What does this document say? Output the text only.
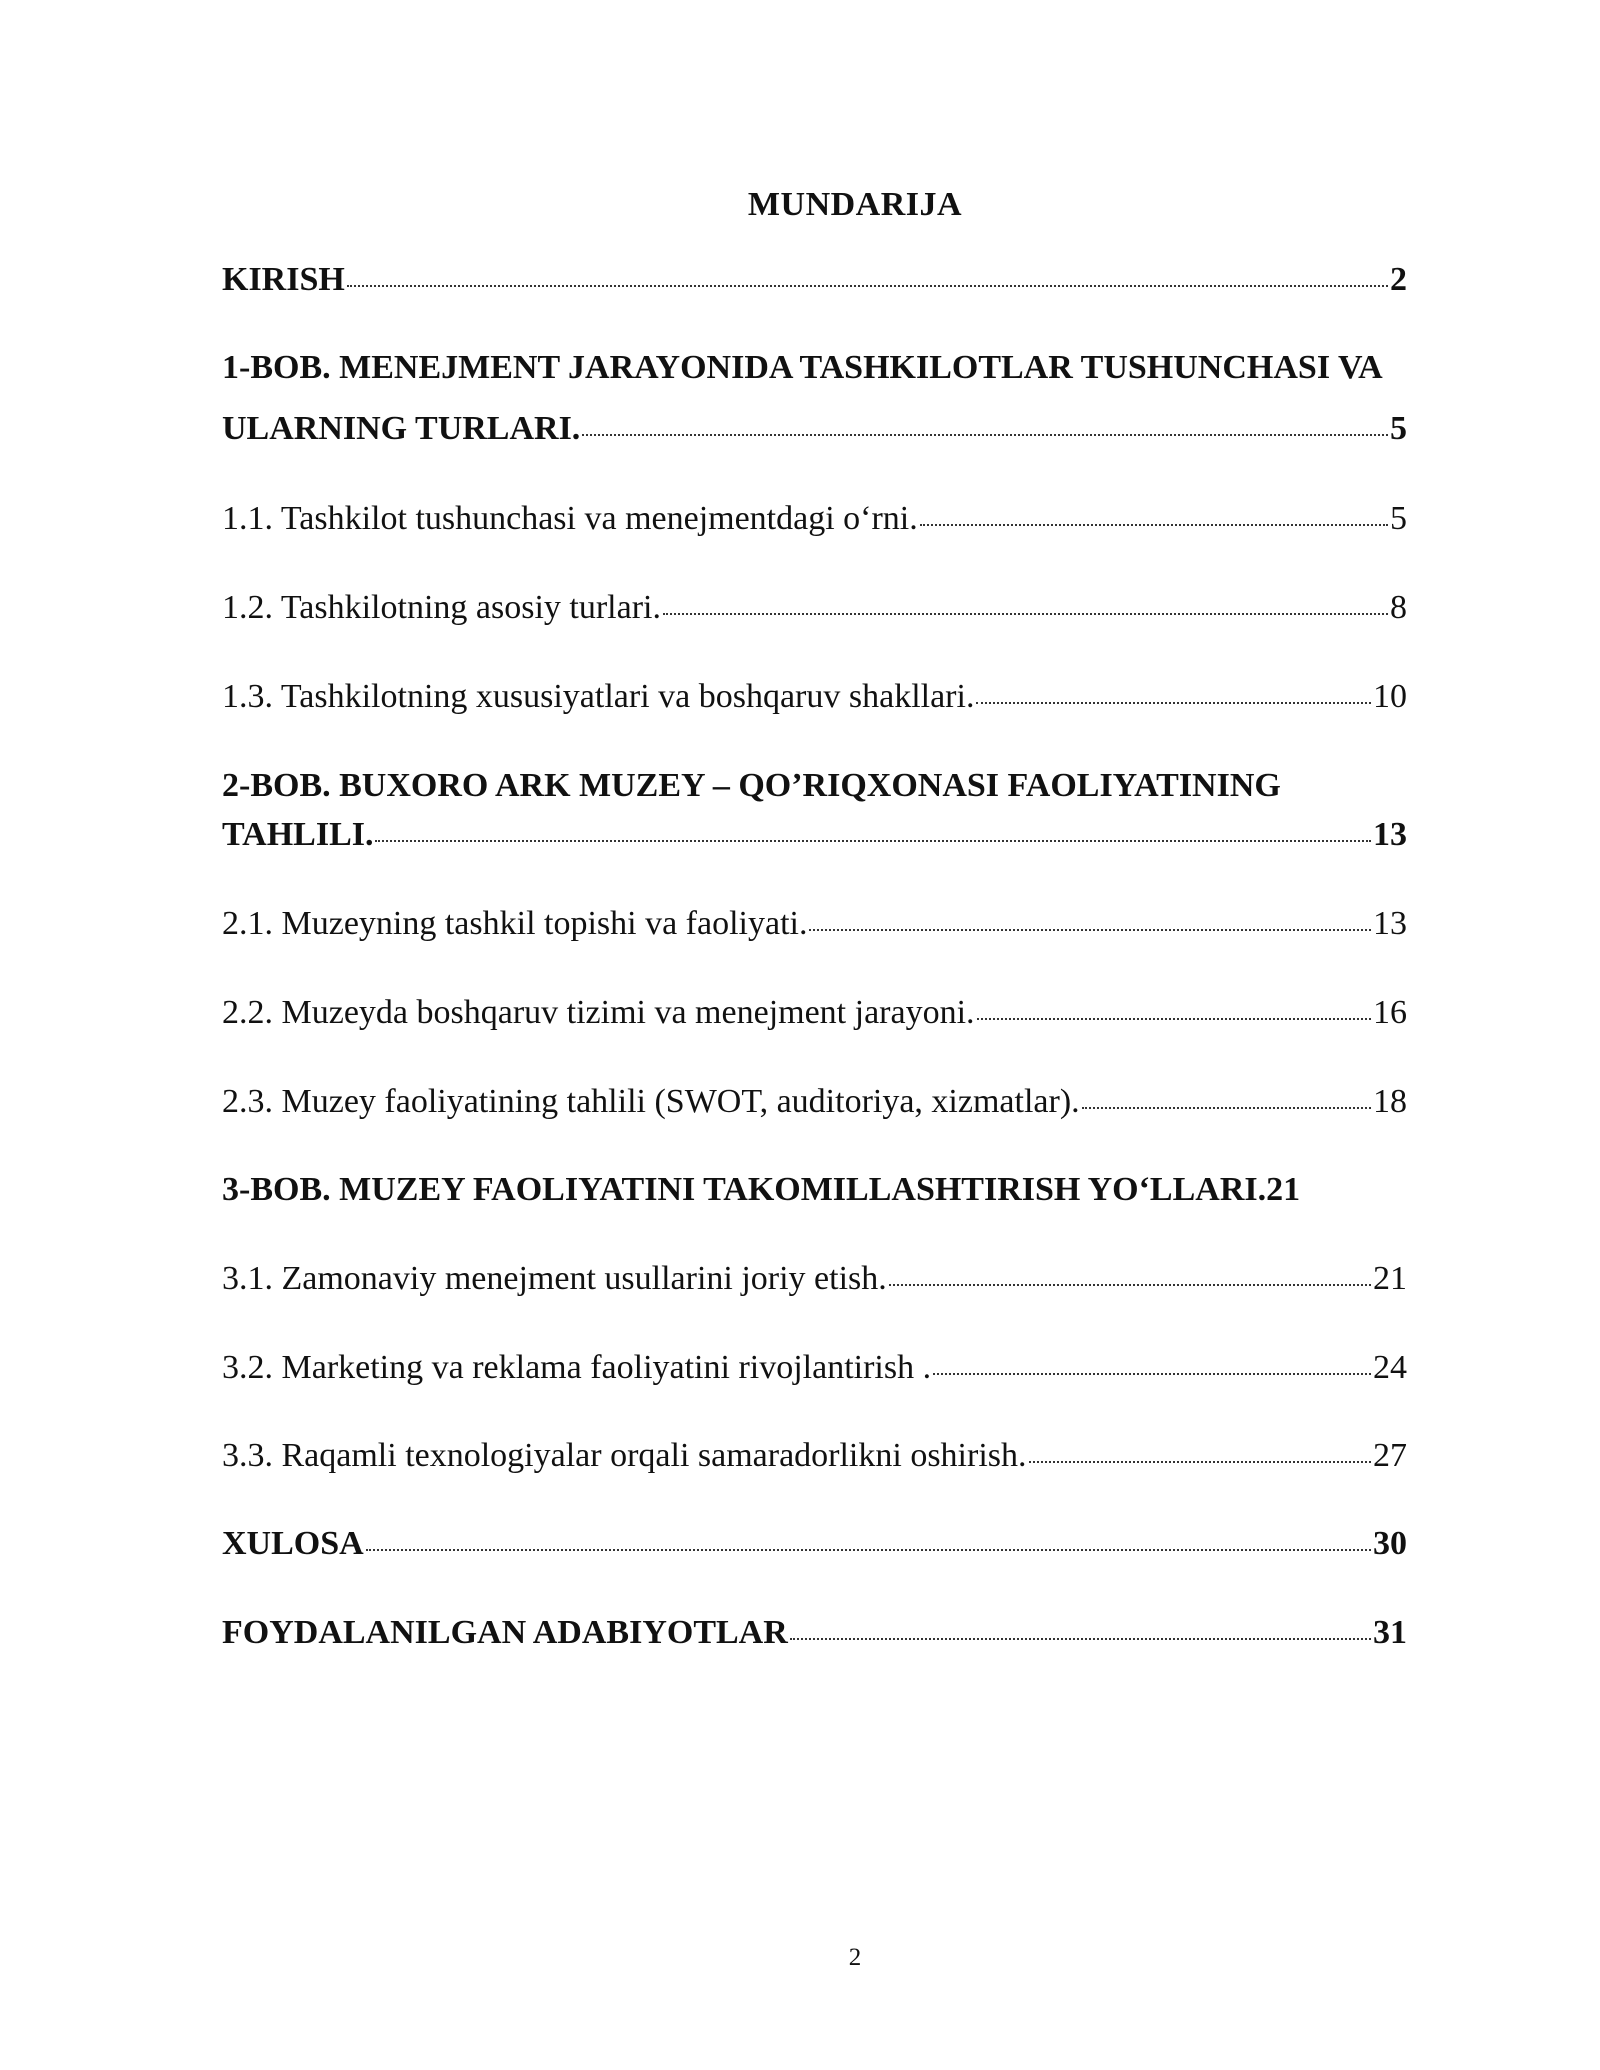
MUNDARIJA
KIRISH	2
1-BOB. MENEJMENT JARAYONIDA TASHKILOTLAR TUSHUNCHASI VA
ULARNING TURLARI.	5
1.1. Tashkilot tushunchasi va menejmentdagi o‘rni.	5
1.2. Tashkilotning asosiy turlari.	8
1.3. Tashkilotning xususiyatlari va boshqaruv shakllari.	10
2-BOB. BUXORO ARK MUZEY – QO’RIQXONASI FAOLIYATINING
TAHLILI.	13
2.1. Muzeyning tashkil topishi va faoliyati.	13
2.2. Muzeyda boshqaruv tizimi va menejment jarayoni.	16
2.3. Muzey faoliyatining tahlili (SWOT, auditoriya, xizmatlar).	18
3-BOB. MUZEY FAOLIYATINI TAKOMILLASHTIRISH YO‘LLARI. 21
3.1. Zamonaviy menejment usullarini joriy etish.	21
3.2. Marketing va reklama faoliyatini rivojlantirish .	24
3.3. Raqamli texnologiyalar orqali samaradorlikni oshirish.	27
XULOSA	30
FOYDALANILGAN ADABIYOTLAR	31
2
